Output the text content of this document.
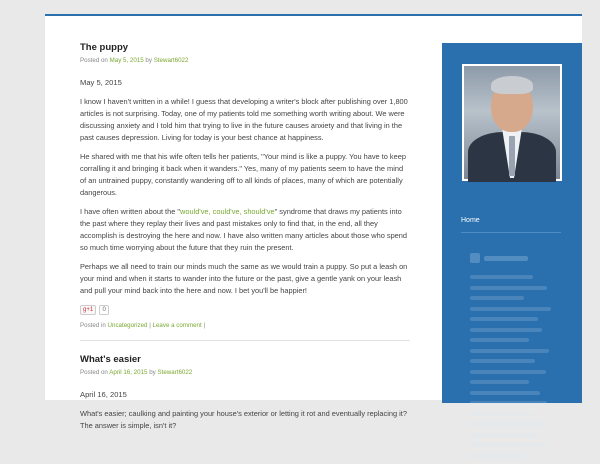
The puppy
Posted on May 5, 2015 by Stewart6022
May 5, 2015

I know I haven't written in a while! I guess that developing a writer's block after publishing over 1,800 articles is not surprising. Today, one of my patients told me something worth writing about. We were discussing anxiety and I told him that trying to live in the future causes anxiety and that living in the past causes depression. Living for today is your best chance at happiness.

He shared with me that his wife often tells her patients, "Your mind is like a puppy. You have to keep corralling it and bringing it back when it wanders." Yes, many of my patients seem to have the mind of an untrained puppy, constantly wandering off to all kinds of places, many of which are potentially dangerous.

I have often written about the "would've, could've, should've" syndrome that draws my patients into the past where they replay their lives and past mistakes only to find that, in the end, all they accomplish is destroying the here and now. I have also written many articles about those who spend so much time worrying about the future that they ruin the present.

Perhaps we all need to train our minds much the same as we would train a puppy. So put a leash on your mind and when it starts to wander into the future or the past, give a gentle yank on your leash and pull your mind back into the here and now. I bet you'll be happier!

g+1	0
Posted in Uncategorized | Leave a comment |
What's easier
Posted on April 16, 2015 by Stewart6022
April 16, 2015

What's easier; caulking and painting your house's exterior or letting it rot and eventually replacing it? The answer is simple, isn't it?

Home
